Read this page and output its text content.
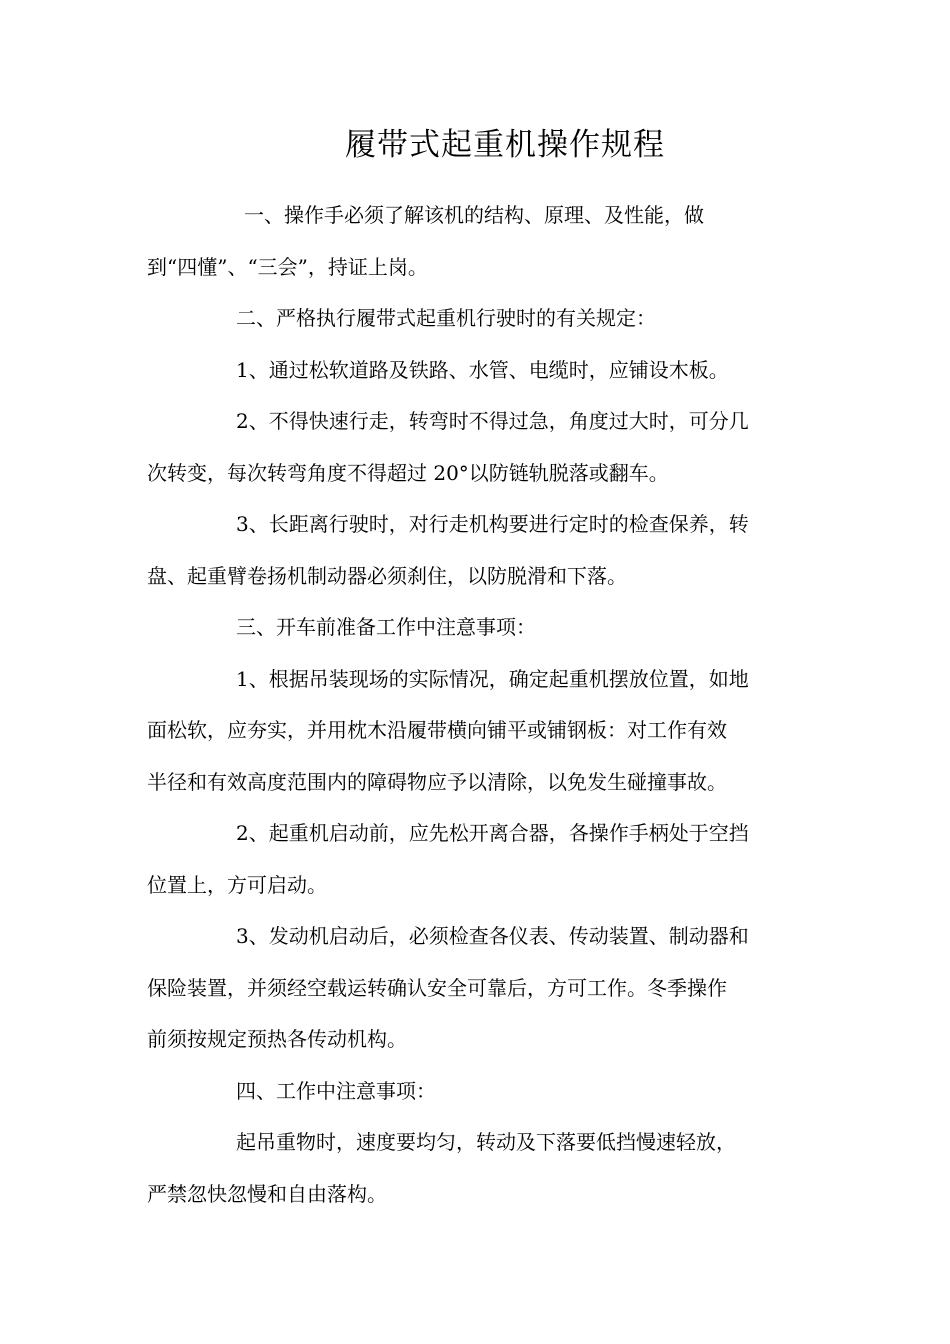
履带式起重机操作规程

一、操作手必须了解该机的结构、原理、及性能，做

到“四懂”、“三会”，持证上岗。

二、严格执行履带式起重机行驶时的有关规定：

1、通过松软道路及铁路、水管、电缆时，应铺设木板。

2、不得快速行走，转弯时不得过急，角度过大时，可分几

次转变，每次转弯角度不得超过 20°以防链轨脱落或翻车。

3、长距离行驶时，对行走机构要进行定时的检查保养，转

盘、起重臂卷扬机制动器必须刹住，以防脱滑和下落。

三、开车前准备工作中注意事项：

1、根据吊装现场的实际情况，确定起重机摆放位置，如地

面松软，应夯实，并用枕木沿履带横向铺平或铺钢板：对工作有效

半径和有效高度范围内的障碍物应予以清除，以免发生碰撞事故。

2、起重机启动前，应先松开离合器，各操作手柄处于空挡

位置上，方可启动。

3、发动机启动后，必须检查各仪表、传动装置、制动器和

保险装置，并须经空载运转确认安全可靠后，方可工作。冬季操作

前须按规定预热各传动机构。

四、工作中注意事项：

起吊重物时，速度要均匀，转动及下落要低挡慢速轻放，

严禁忽快忽慢和自由落构。
